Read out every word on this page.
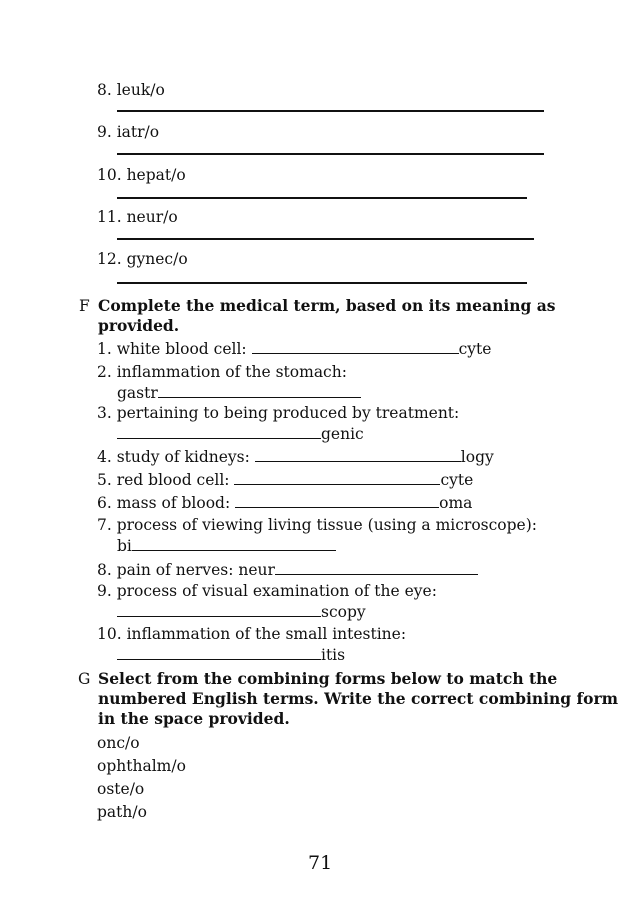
8. leuk/o
9. iatr/o
10. hepat/o
11. neur/o
12. gynec/o
F Complete the medical term, based on its meaning as
provided.
1. white blood cell:	cyte
2. inflammation of the stomach:
gastr
3. pertaining to being produced by treatment:
genic
4. study of kidneys:	logy
5. red blood cell:	cyte
6. mass of blood:	oma
7. process of viewing living tissue (using a microscope):
bi
8. pain of nerves: neur
9. process of visual examination of the eye:
scopy
10. inflammation of the small intestine:
itis
G Select from the combining forms below to match the
numbered English terms. Write the correct combining form
in the space provided.
onc/o
ophthalm/o
oste/o
path/o
71
